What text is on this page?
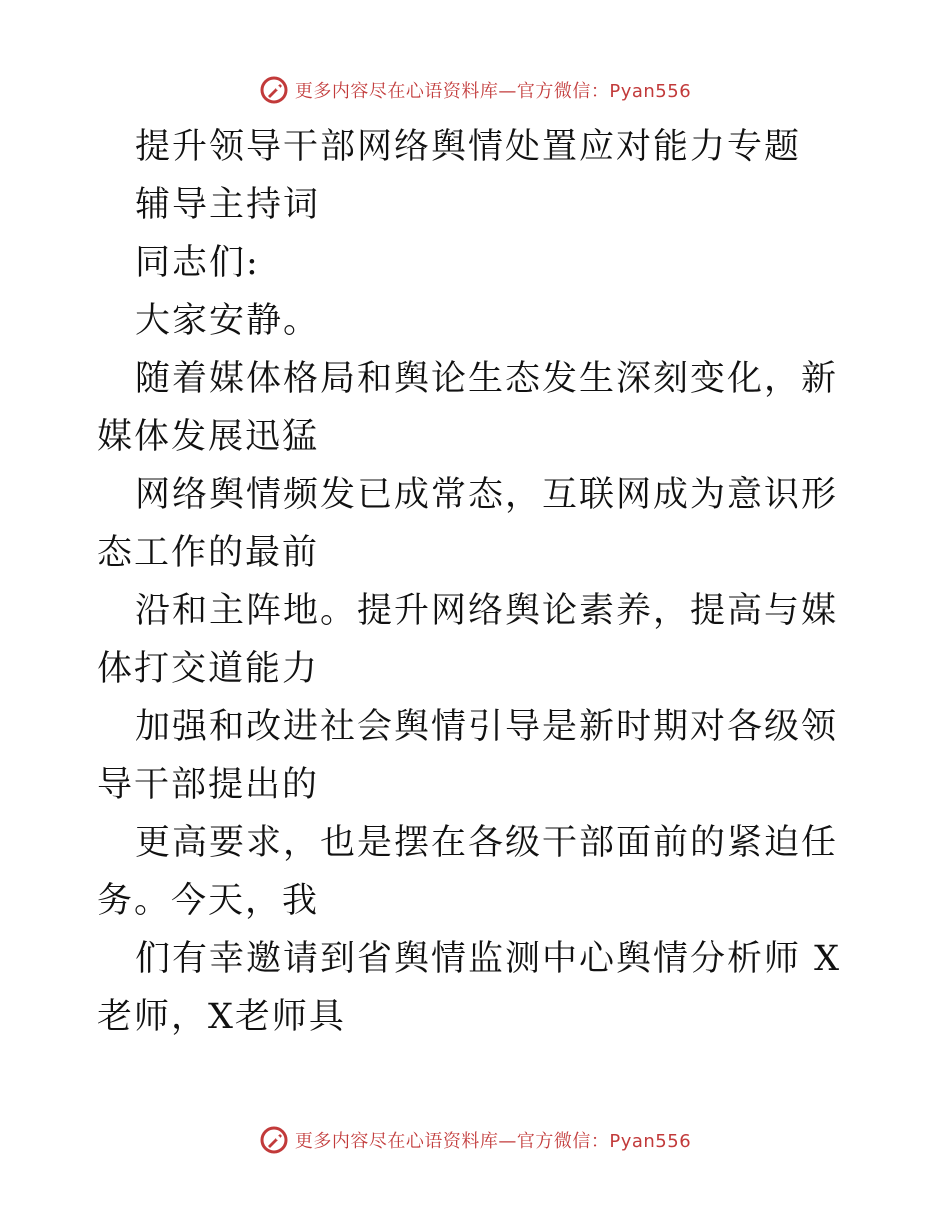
更多内容尽在心语资料库—官方微信：Pyan556

提升领导干部网络舆情处置应对能力专题

辅导主持词

同志们:

大家安静。

随着媒体格局和舆论生态发生深刻变化，新媒体发展迅猛

网络舆情频发已成常态，互联网成为意识形态工作的最前

沿和主阵地。提升网络舆论素养，提高与媒体打交道能力

加强和改进社会舆情引导是新时期对各级领导干部提出的

更高要求，也是摆在各级干部面前的紧迫任务。今天，我

们有幸邀请到省舆情监测中心舆情分析师 X老师，X老师具

更多内容尽在心语资料库—官方微信：Pyan556
